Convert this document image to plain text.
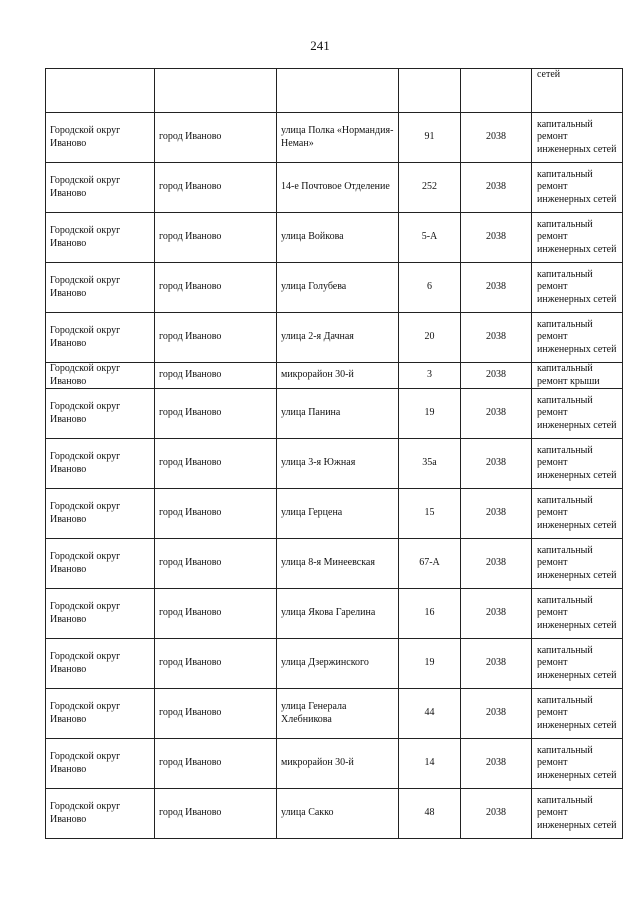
241
					сетей
Городской округ Иваново	город Иваново	улица Полка «Нормандия-Неман»	91	2038	капитальный ремонт инженерных сетей
Городской округ Иваново	город Иваново	14-е Почтовое Отделение	252	2038	капитальный ремонт инженерных сетей
Городской округ Иваново	город Иваново	улица Войкова	5-А	2038	капитальный ремонт инженерных сетей
Городской округ Иваново	город Иваново	улица Голубева	6	2038	капитальный ремонт инженерных сетей
Городской округ Иваново	город Иваново	улица 2-я Дачная	20	2038	капитальный ремонт инженерных сетей
Городской округ Иваново	город Иваново	микрорайон 30-й	3	2038	капитальный ремонт крыши
Городской округ Иваново	город Иваново	улица Панина	19	2038	капитальный ремонт инженерных сетей
Городской округ Иваново	город Иваново	улица 3-я Южная	35а	2038	капитальный ремонт инженерных сетей
Городской округ Иваново	город Иваново	улица Герцена	15	2038	капитальный ремонт инженерных сетей
Городской округ Иваново	город Иваново	улица 8-я Минеевская	67-А	2038	капитальный ремонт инженерных сетей
Городской округ Иваново	город Иваново	улица Якова Гарелина	16	2038	капитальный ремонт инженерных сетей
Городской округ Иваново	город Иваново	улица Дзержинского	19	2038	капитальный ремонт инженерных сетей
Городской округ Иваново	город Иваново	улица Генерала Хлебникова	44	2038	капитальный ремонт инженерных сетей
Городской округ Иваново	город Иваново	микрорайон 30-й	14	2038	капитальный ремонт инженерных сетей
Городской округ Иваново	город Иваново	улица Сакко	48	2038	капитальный ремонт инженерных сетей
